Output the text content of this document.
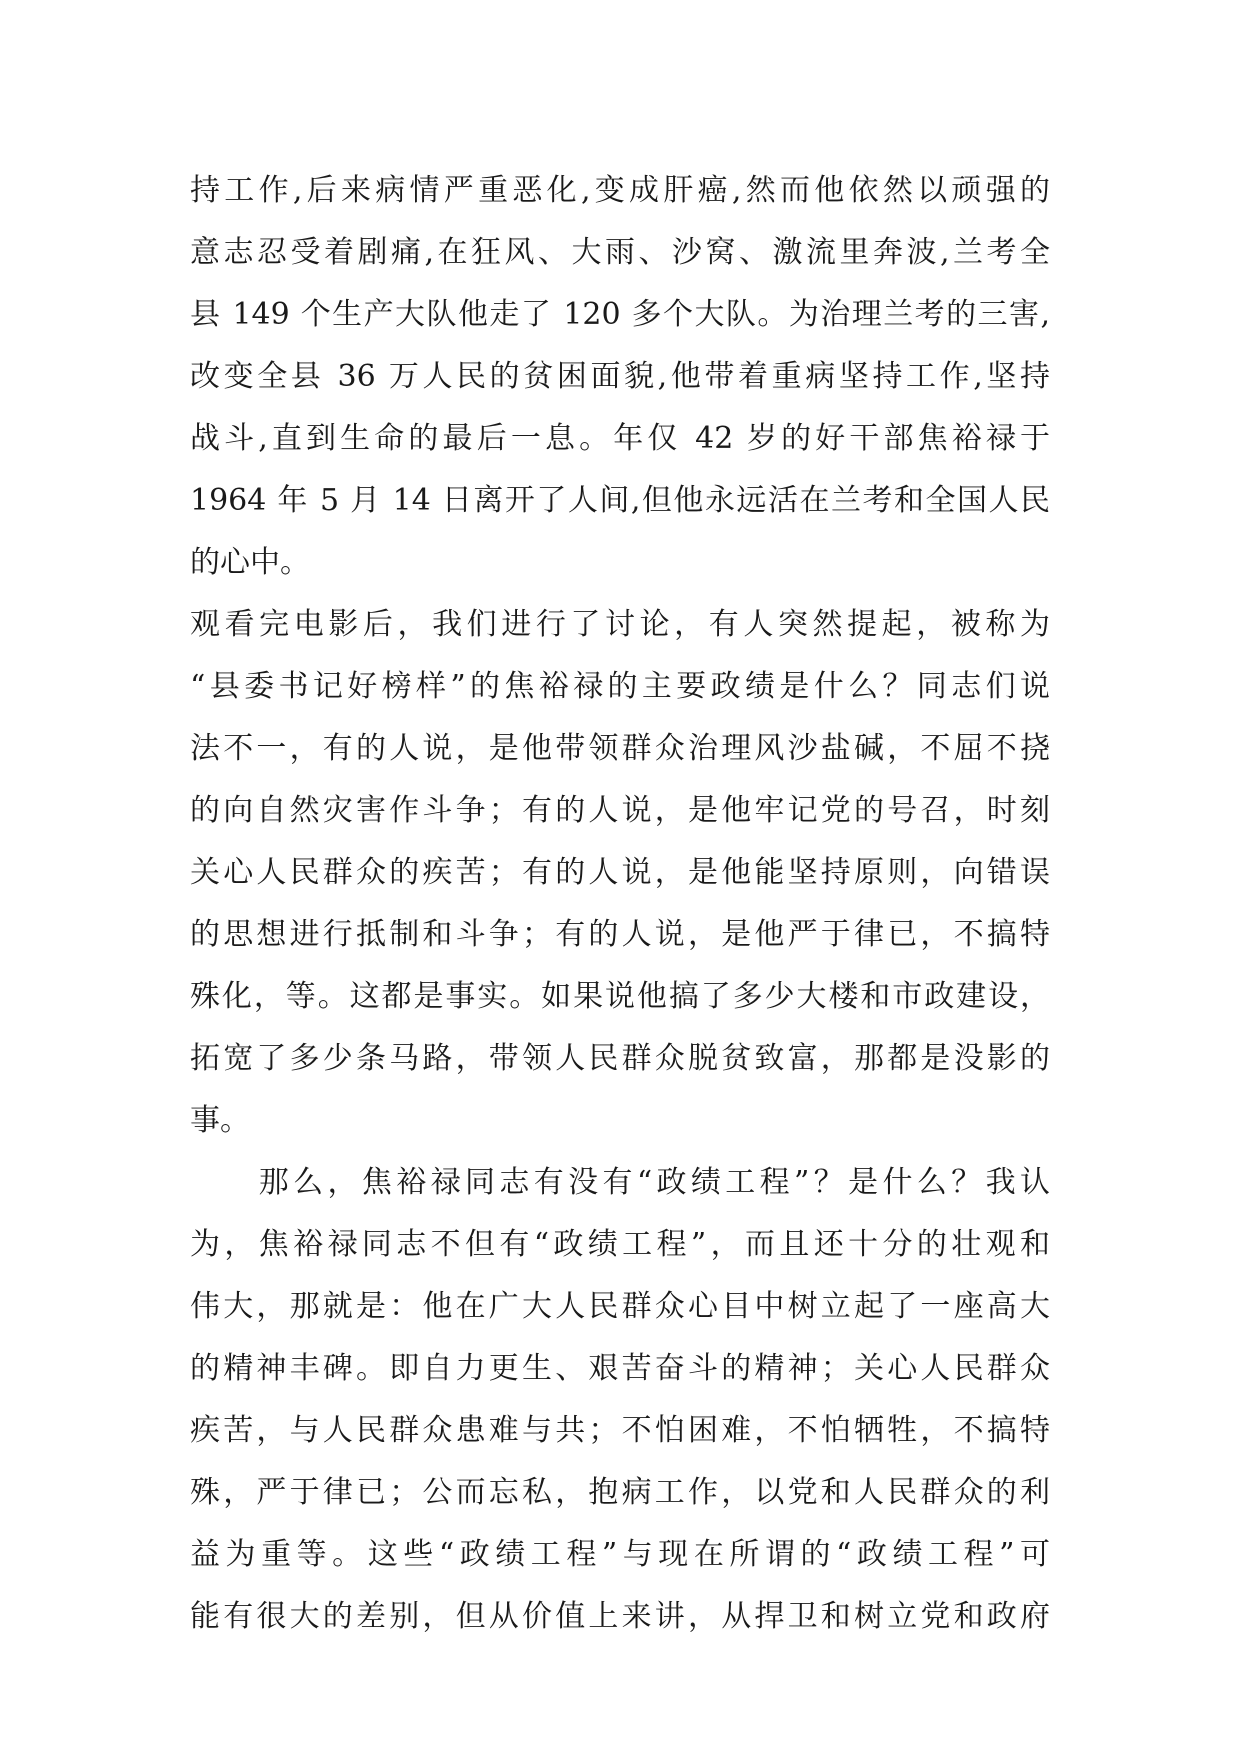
持工作,后来病情严重恶化,变成肝癌,然而他依然以顽强的
意志忍受着剧痛,在狂风、大雨、沙窝、激流里奔波,兰考全
县 149 个生产大队他走了 120 多个大队。为治理兰考的三害,
改变全县 36 万人民的贫困面貌,他带着重病坚持工作,坚持
战斗,直到生命的最后一息。年仅 42 岁的好干部焦裕禄于
1964 年 5 月 14 日离开了人间,但他永远活在兰考和全国人民
的心中。
观看完电影后，我们进行了讨论，有人突然提起，被称为
“县委书记好榜样”的焦裕禄的主要政绩是什么？同志们说
法不一，有的人说，是他带领群众治理风沙盐碱，不屈不挠
的向自然灾害作斗争；有的人说，是他牢记党的号召，时刻
关心人民群众的疾苦；有的人说，是他能坚持原则，向错误
的思想进行抵制和斗争；有的人说，是他严于律已，不搞特
殊化，等。这都是事实。如果说他搞了多少大楼和市政建设，
拓宽了多少条马路，带领人民群众脱贫致富，那都是没影的
事。
　　那么，焦裕禄同志有没有“政绩工程”？是什么？我认
为，焦裕禄同志不但有“政绩工程”，而且还十分的壮观和
伟大，那就是：他在广大人民群众心目中树立起了一座高大
的精神丰碑。即自力更生、艰苦奋斗的精神；关心人民群众
疾苦，与人民群众患难与共；不怕困难，不怕牺牲，不搞特
殊，严于律已；公而忘私，抱病工作，以党和人民群众的利
益为重等。这些“政绩工程”与现在所谓的“政绩工程”可
能有很大的差别，但从价值上来讲，从捍卫和树立党和政府
